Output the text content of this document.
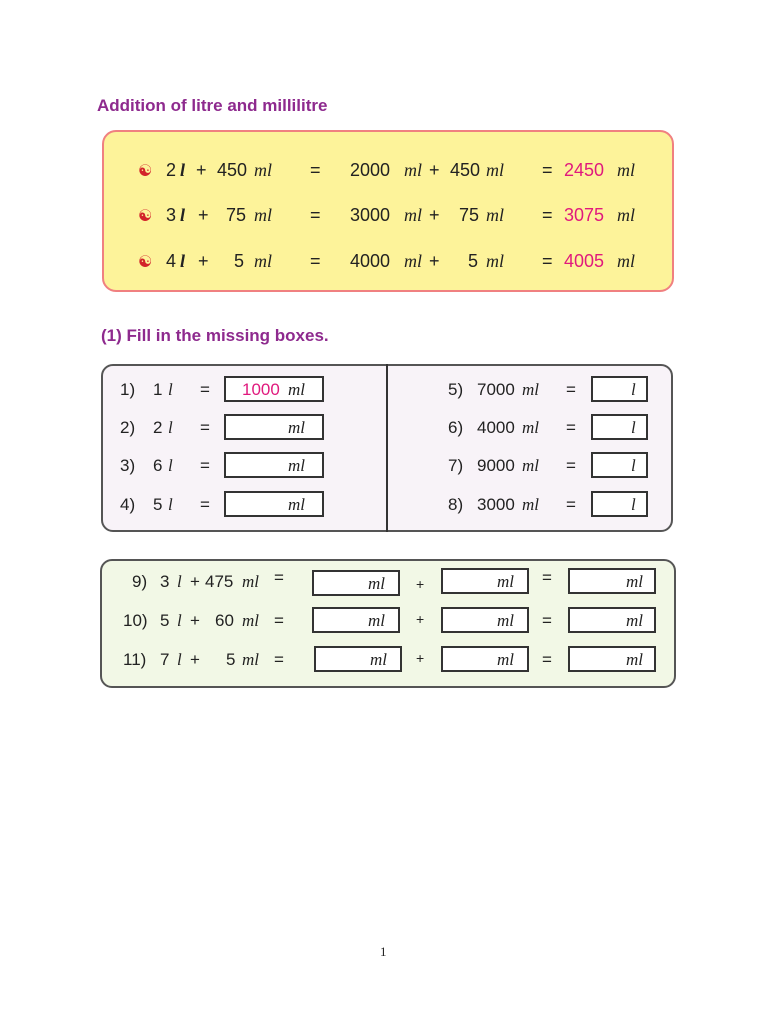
Addition of litre and millilitre
☯ 2 l + 450 ml = 2000 ml + 450 ml = 2450 ml
☯ 3 l + 75 ml = 3000 ml + 75 ml = 3075 ml
☯ 4 l + 5 ml = 4000 ml + 5 ml = 4005 ml
(1) Fill in the missing boxes.
1) 1 l = 1000 ml
2) 2 l =	ml
3) 6 l =	ml
4) 5 l =	ml
5) 7000 ml =	l
6) 4000 ml =	l
7) 9000 ml =	l
8) 3000 ml =	l
9) 3 l + 475 ml =	ml +	ml =	ml
10) 5 l + 60 ml =	ml +	ml =	ml
11) 7 l + 5 ml =	ml +	ml =	ml
1
